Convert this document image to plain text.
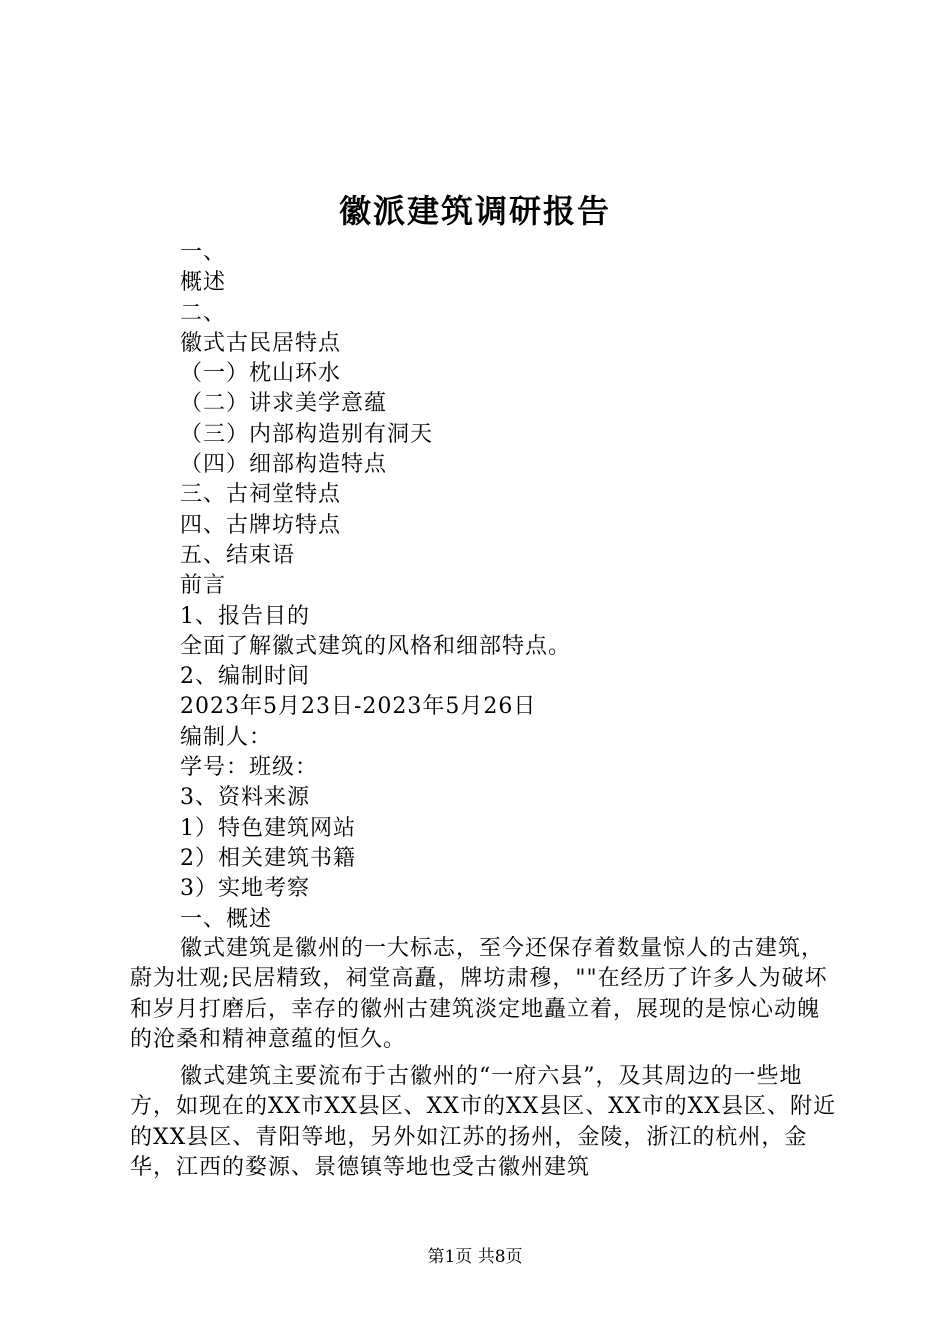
徽派建筑调研报告
一、
概述
二、
徽式古民居特点
（一）枕山环水
（二）讲求美学意蕴
（三）内部构造别有洞天
（四）细部构造特点
三、古祠堂特点
四、古牌坊特点
五、结束语
前言
1、报告目的
全面了解徽式建筑的风格和细部特点。
2、编制时间
2023年5月23日-2023年5月26日
编制人：
学号：班级：
3、资料来源
1）特色建筑网站
2）相关建筑书籍
3）实地考察
一、概述

徽式建筑是徽州的一大标志，至今还保存着数量惊人的古建筑，蔚为壮观;民居精致，祠堂高矗，牌坊肃穆，""在经历了许多人为破坏和岁月打磨后，幸存的徽州古建筑淡定地矗立着，展现的是惊心动魄的沧桑和精神意蕴的恒久。

徽式建筑主要流布于古徽州的“一府六县”，及其周边的一些地方，如现在的XX市XX县区、XX市的XX县区、XX市的XX县区、附近的XX县区、青阳等地，另外如江苏的扬州，金陵，浙江的杭州，金华，江西的婺源、景德镇等地也受古徽州建筑

第1页 共8页
